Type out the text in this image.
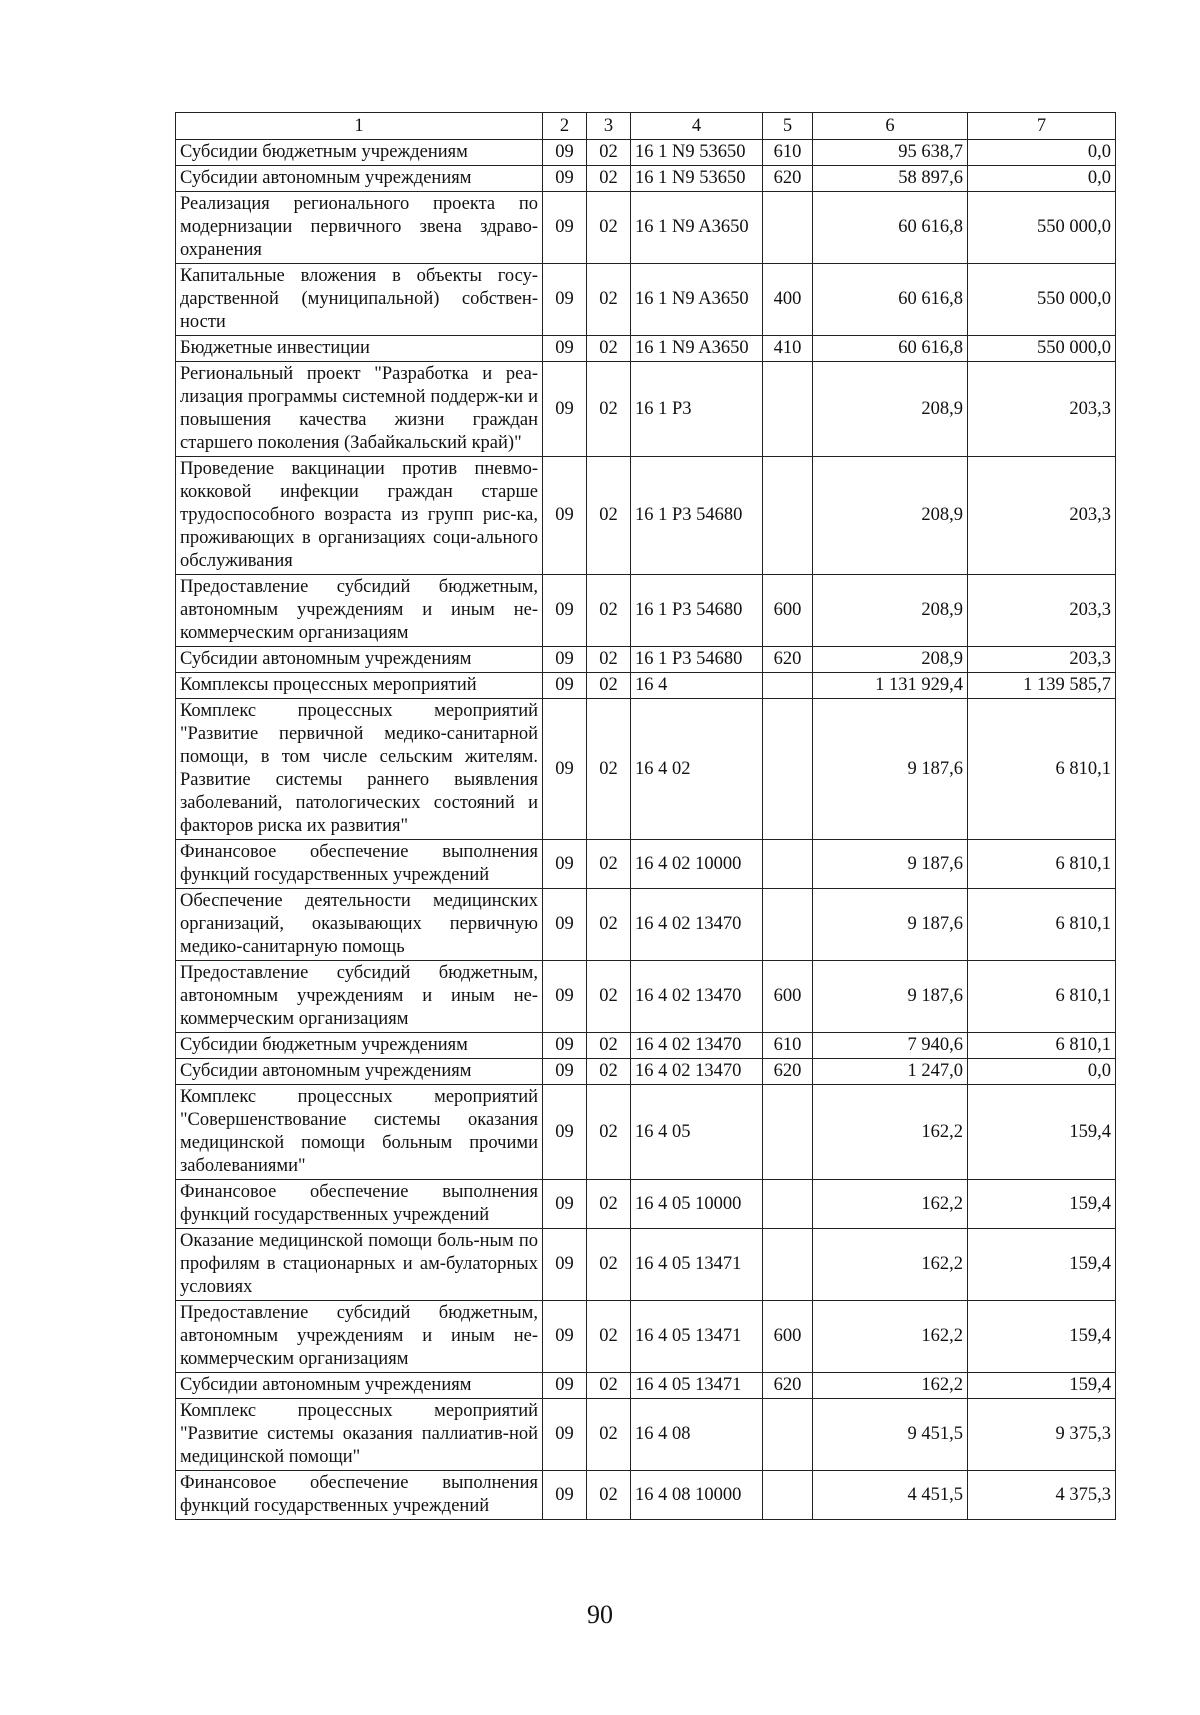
1	2	3	4	5	6	7
Субсидии бюджетным учреждениям	09	02	16 1 N9 53650	610	95 638,7	0,0
Субсидии автономным учреждениям	09	02	16 1 N9 53650	620	58 897,6	0,0
Реализация регионального проекта по модернизации первичного звена здраво-охранения	09	02	16 1 N9 A3650		60 616,8	550 000,0
Капитальные вложения в объекты госу-дарственной (муниципальной) собствен-ности	09	02	16 1 N9 A3650	400	60 616,8	550 000,0
Бюджетные инвестиции	09	02	16 1 N9 A3650	410	60 616,8	550 000,0
Региональный проект "Разработка и реа-лизация программы системной поддерж-ки и повышения качества жизни граждан старшего поколения (Забайкальский край)"	09	02	16 1 P3		208,9	203,3
Проведение вакцинации против пневмо-кокковой инфекции граждан старше трудоспособного возраста из групп рис-ка, проживающих в организациях соци-ального обслуживания	09	02	16 1 P3 54680		208,9	203,3
Предоставление субсидий бюджетным, автономным учреждениям и иным не-коммерческим организациям	09	02	16 1 P3 54680	600	208,9	203,3
Субсидии автономным учреждениям	09	02	16 1 P3 54680	620	208,9	203,3
Комплексы процессных мероприятий	09	02	16 4		1 131 929,4	1 139 585,7
Комплекс процессных мероприятий "Развитие первичной медико-санитарной помощи, в том числе сельским жителям. Развитие системы раннего выявления заболеваний, патологических состояний и факторов риска их развития"	09	02	16 4 02		9 187,6	6 810,1
Финансовое обеспечение выполнения функций государственных учреждений	09	02	16 4 02 10000		9 187,6	6 810,1
Обеспечение деятельности медицинских организаций, оказывающих первичную медико-санитарную помощь	09	02	16 4 02 13470		9 187,6	6 810,1
Предоставление субсидий бюджетным, автономным учреждениям и иным не-коммерческим организациям	09	02	16 4 02 13470	600	9 187,6	6 810,1
Субсидии бюджетным учреждениям	09	02	16 4 02 13470	610	7 940,6	6 810,1
Субсидии автономным учреждениям	09	02	16 4 02 13470	620	1 247,0	0,0
Комплекс процессных мероприятий "Совершенствование системы оказания медицинской помощи больным прочими заболеваниями"	09	02	16 4 05		162,2	159,4
Финансовое обеспечение выполнения функций государственных учреждений	09	02	16 4 05 10000		162,2	159,4
Оказание медицинской помощи боль-ным по профилям в стационарных и ам-булаторных условиях	09	02	16 4 05 13471		162,2	159,4
Предоставление субсидий бюджетным, автономным учреждениям и иным не-коммерческим организациям	09	02	16 4 05 13471	600	162,2	159,4
Субсидии автономным учреждениям	09	02	16 4 05 13471	620	162,2	159,4
Комплекс процессных мероприятий "Развитие системы оказания паллиатив-ной медицинской помощи"	09	02	16 4 08		9 451,5	9 375,3
Финансовое обеспечение выполнения функций государственных учреждений	09	02	16 4 08 10000		4 451,5	4 375,3
90
